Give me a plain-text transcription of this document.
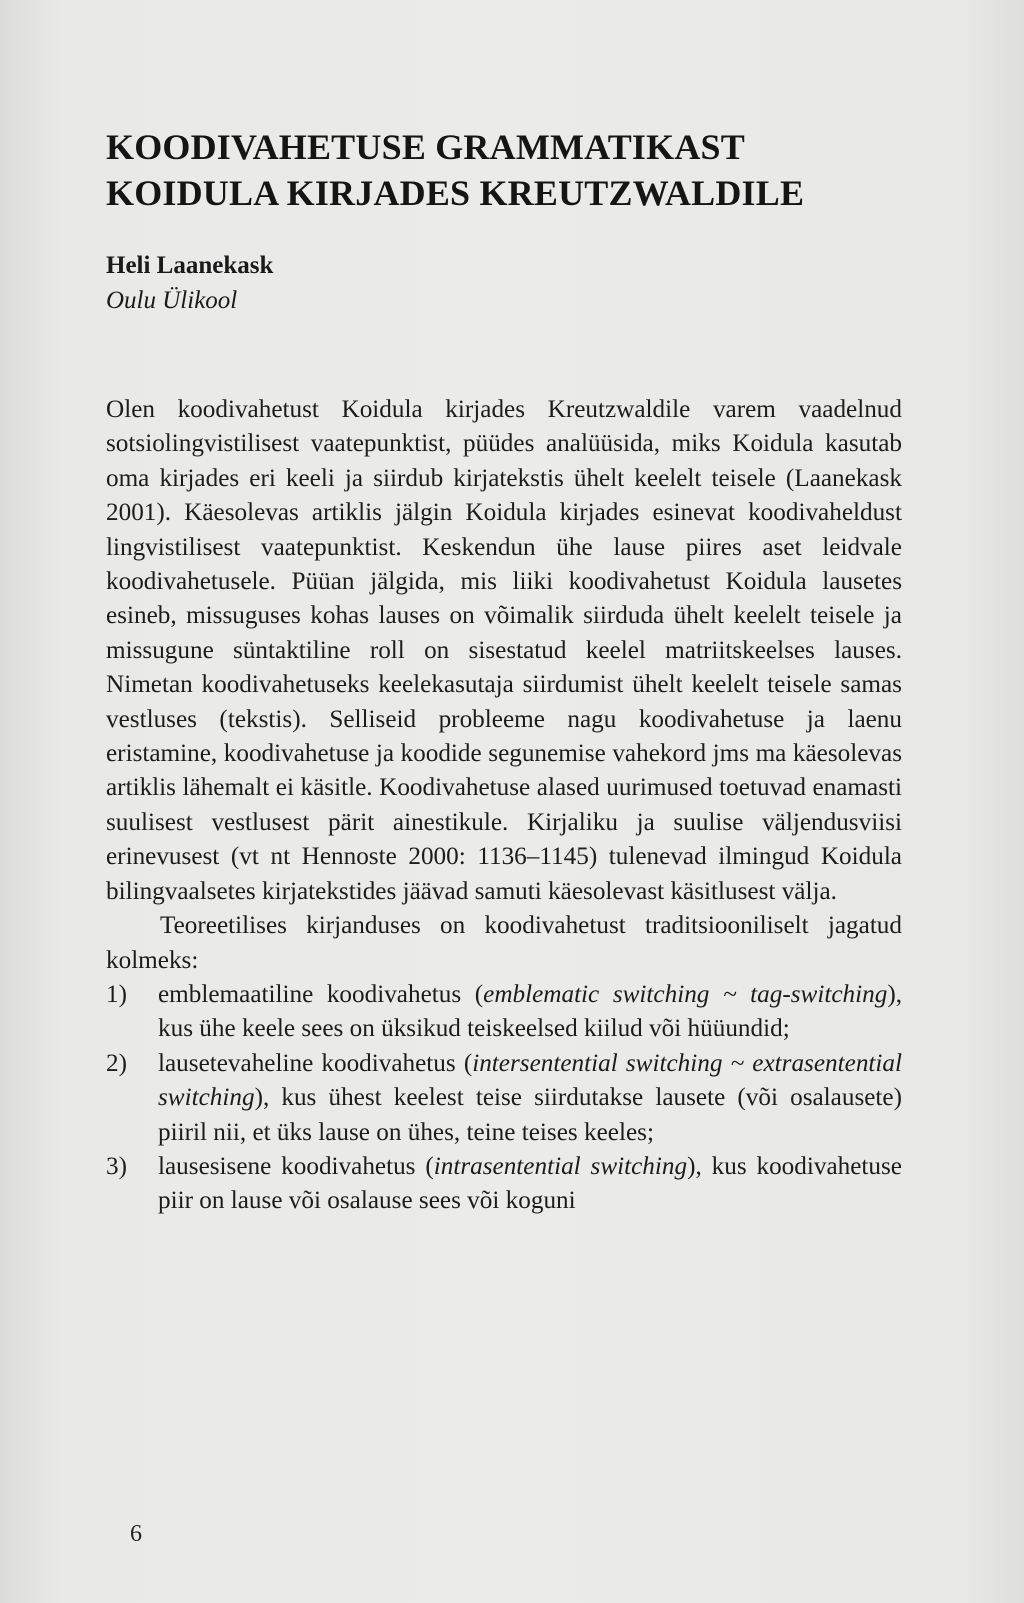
KOODIVAHETUSE GRAMMATIKAST
KOIDULA KIRJADES KREUTZWALDILE
Heli Laanekask
Oulu Ülikool

Olen koodivahetust Koidula kirjades Kreutzwaldile varem vaadelnud sotsiolingvistilisest vaatepunktist, püüdes analüüsida, miks Koidula kasutab oma kirjades eri keeli ja siirdub kirjatekstis ühelt keelelt teisele (Laanekask 2001). Käesolevas artiklis jälgin Koidula kirjades esinevat koodivaheldust lingvistilisest vaatepunktist. Keskendun ühe lause piires aset leidvale koodivahetusele. Püüan jälgida, mis liiki koodivahetust Koidula lausetes esineb, missuguses kohas lauses on võimalik siirduda ühelt keelelt teisele ja missugune süntaktiline roll on sisestatud keelel matriitskeelses lauses. Nimetan koodivahetuseks keelekasutaja siirdumist ühelt keelelt teisele samas vestluses (tekstis). Selliseid probleeme nagu koodivahetuse ja laenu eristamine, koodivahetuse ja koodide segunemise vahekord jms ma käesolevas artiklis lähemalt ei käsitle. Koodivahetuse alased uurimused toetuvad enamasti suulisest vestlusest pärit ainestikule. Kirjaliku ja suulise väljendusviisi erinevusest (vt nt Hennoste 2000: 1136–1145) tulenevad ilmingud Koidula bilingvaalsetes kirjatekstides jäävad samuti käesolevast käsitlusest välja.

Teoreetilises kirjanduses on koodivahetust traditsiooniliselt jagatud kolmeks:

1) emblemaatiline koodivahetus (emblematic switching ~ tag-switching), kus ühe keele sees on üksikud teiskeelsed kiilud või hüüundid;
2) lausetevaheline koodivahetus (intersentential switching ~ extrasentential switching), kus ühest keelest teise siirdutakse lausete (või osalausete) piiril nii, et üks lause on ühes, teine teises keeles;
3) lausesisene koodivahetus (intrasentential switching), kus koodivahetuse piir on lause või osalause sees või koguni
6
